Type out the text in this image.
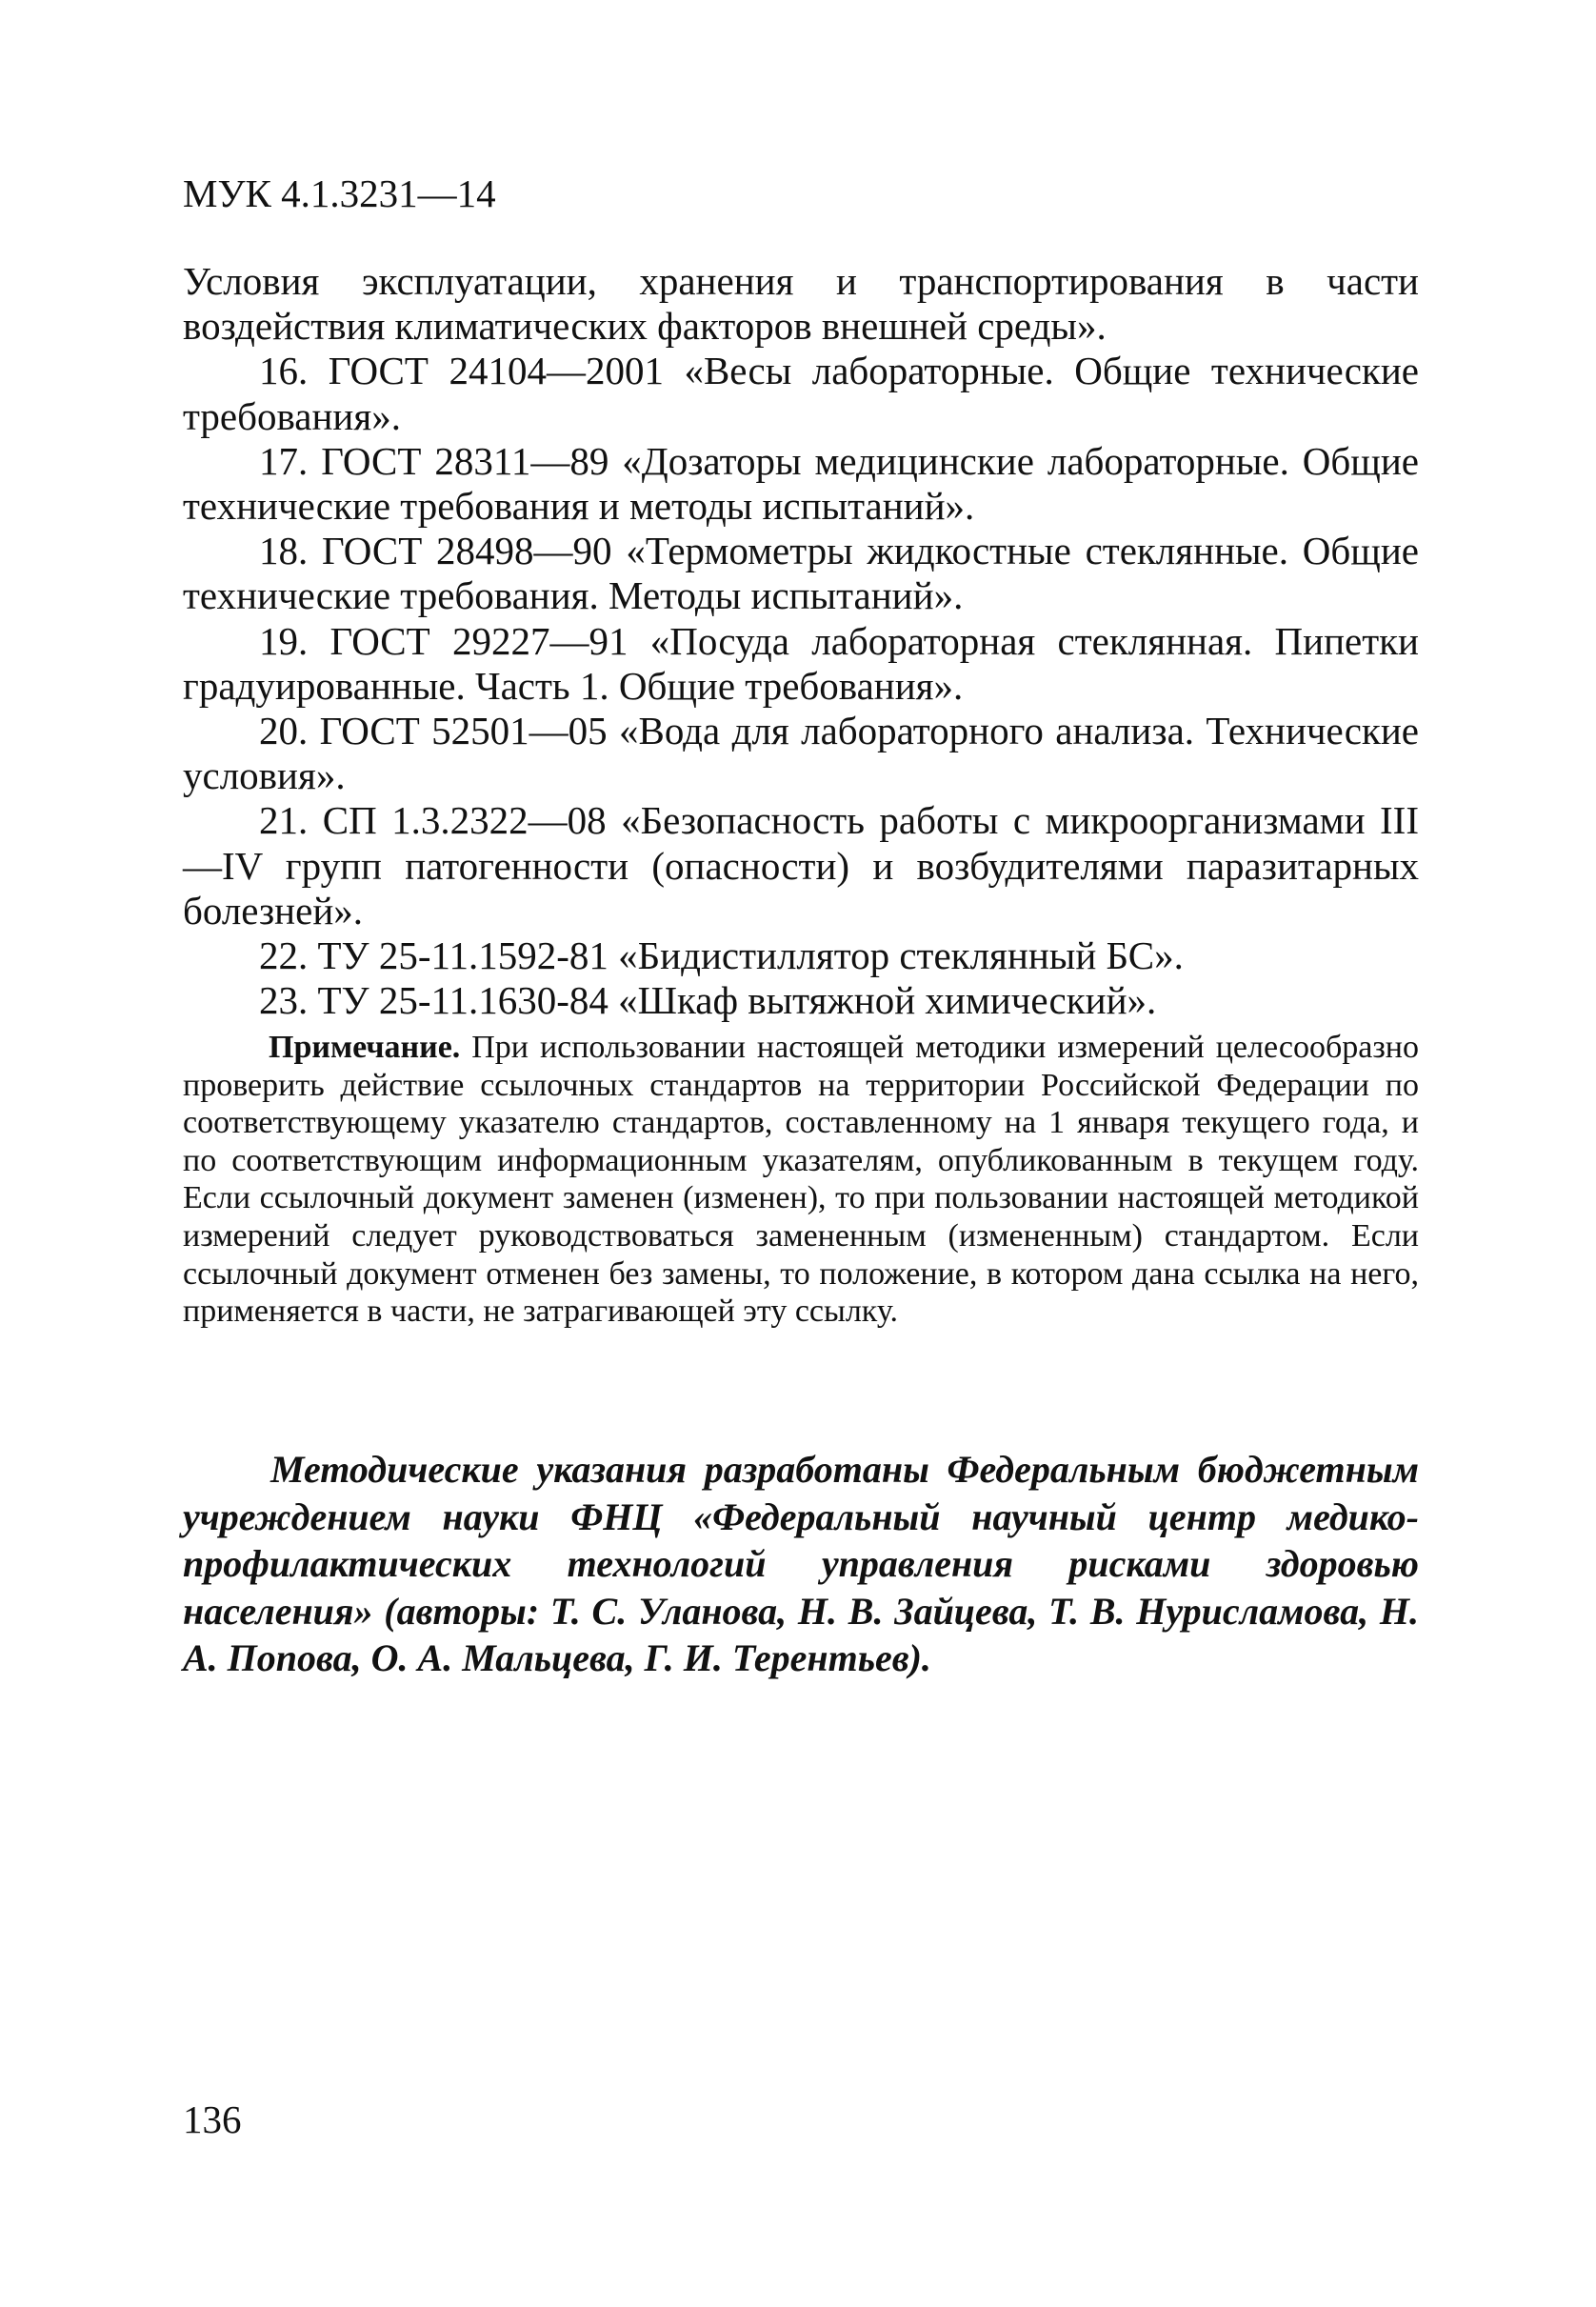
МУК 4.1.3231—14

Условия эксплуатации, хранения и транспортирования в части воздействия климатических факторов внешней среды».

16. ГОСТ 24104—2001 «Весы лабораторные. Общие технические требования».

17. ГОСТ 28311—89 «Дозаторы медицинские лабораторные. Общие технические требования и методы испытаний».

18. ГОСТ 28498—90 «Термометры жидкостные стеклянные. Общие технические требования. Методы испытаний».

19. ГОСТ 29227—91 «Посуда лабораторная стеклянная. Пипетки градуированные. Часть 1. Общие требования».

20. ГОСТ 52501—05 «Вода для лабораторного анализа. Технические условия».

21. СП 1.3.2322—08 «Безопасность работы с микроорганизмами III—IV групп патогенности (опасности) и возбудителями паразитарных болезней».

22. ТУ 25-11.1592-81 «Бидистиллятор стеклянный БС».

23. ТУ 25-11.1630-84 «Шкаф вытяжной химический».

Примечание. При использовании настоящей методики измерений целесообразно проверить действие ссылочных стандартов на территории Российской Федерации по соответствующему указателю стандартов, составленному на 1 января текущего года, и по соответствующим информационным указателям, опубликованным в текущем году. Если ссылочный документ заменен (изменен), то при пользовании настоящей методикой измерений следует руководствоваться замененным (измененным) стандартом. Если ссылочный документ отменен без замены, то положение, в котором дана ссылка на него, применяется в части, не затрагивающей эту ссылку.

Методические указания разработаны Федеральным бюджетным учреждением науки ФНЦ «Федеральный научный центр медико-профилактических технологий управления рисками здоровью населения» (авторы: Т. С. Уланова, Н. В. Зайцева, Т. В. Нурисламова, Н. А. Попова, О. А. Мальцева, Г. И. Терентьев).

136
